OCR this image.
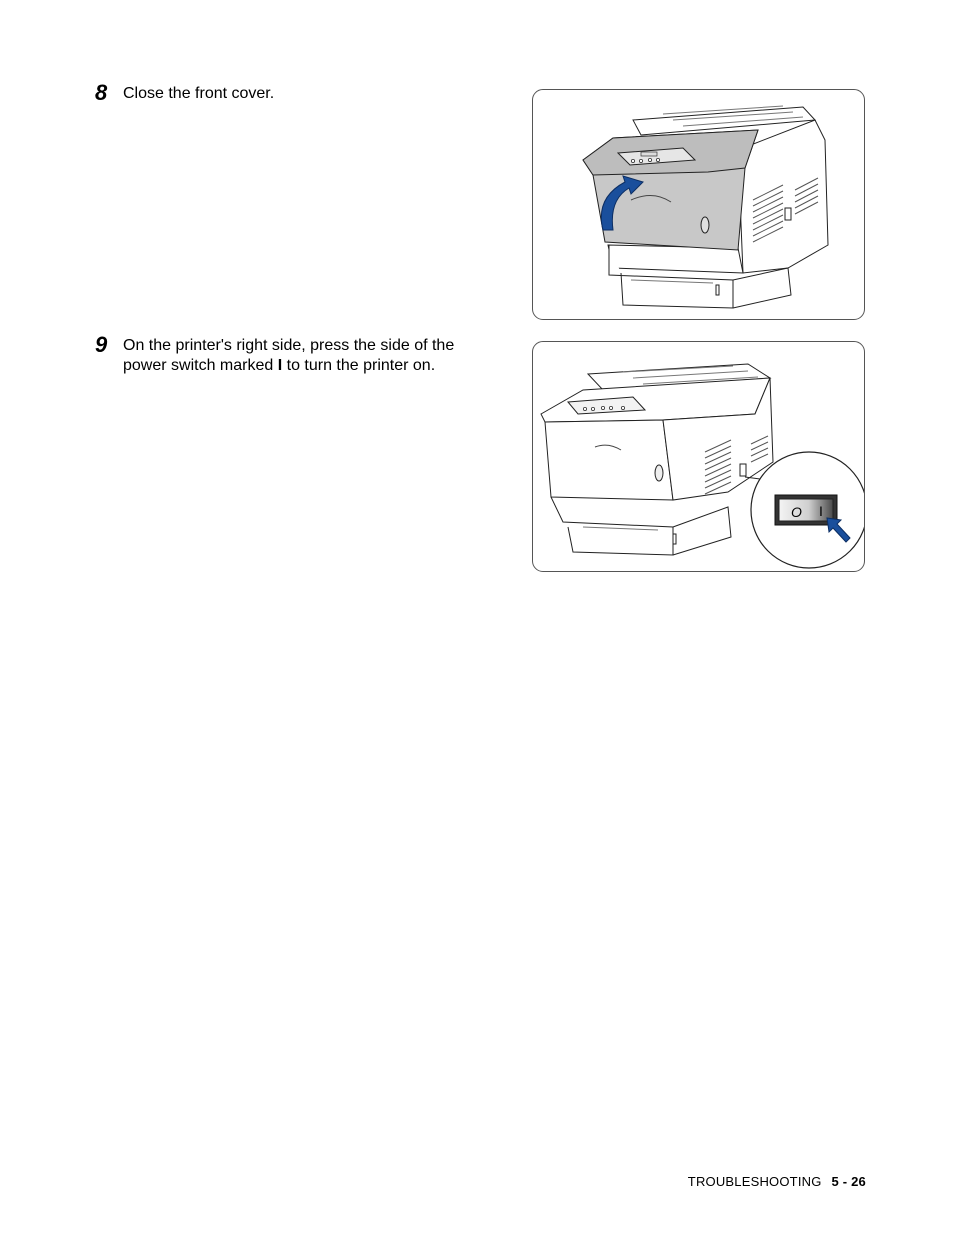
8 Close the front cover.
9 On the printer's right side, press the side of the power switch marked I to turn the printer on.
O I
TROUBLESHOOTING 5 - 26
